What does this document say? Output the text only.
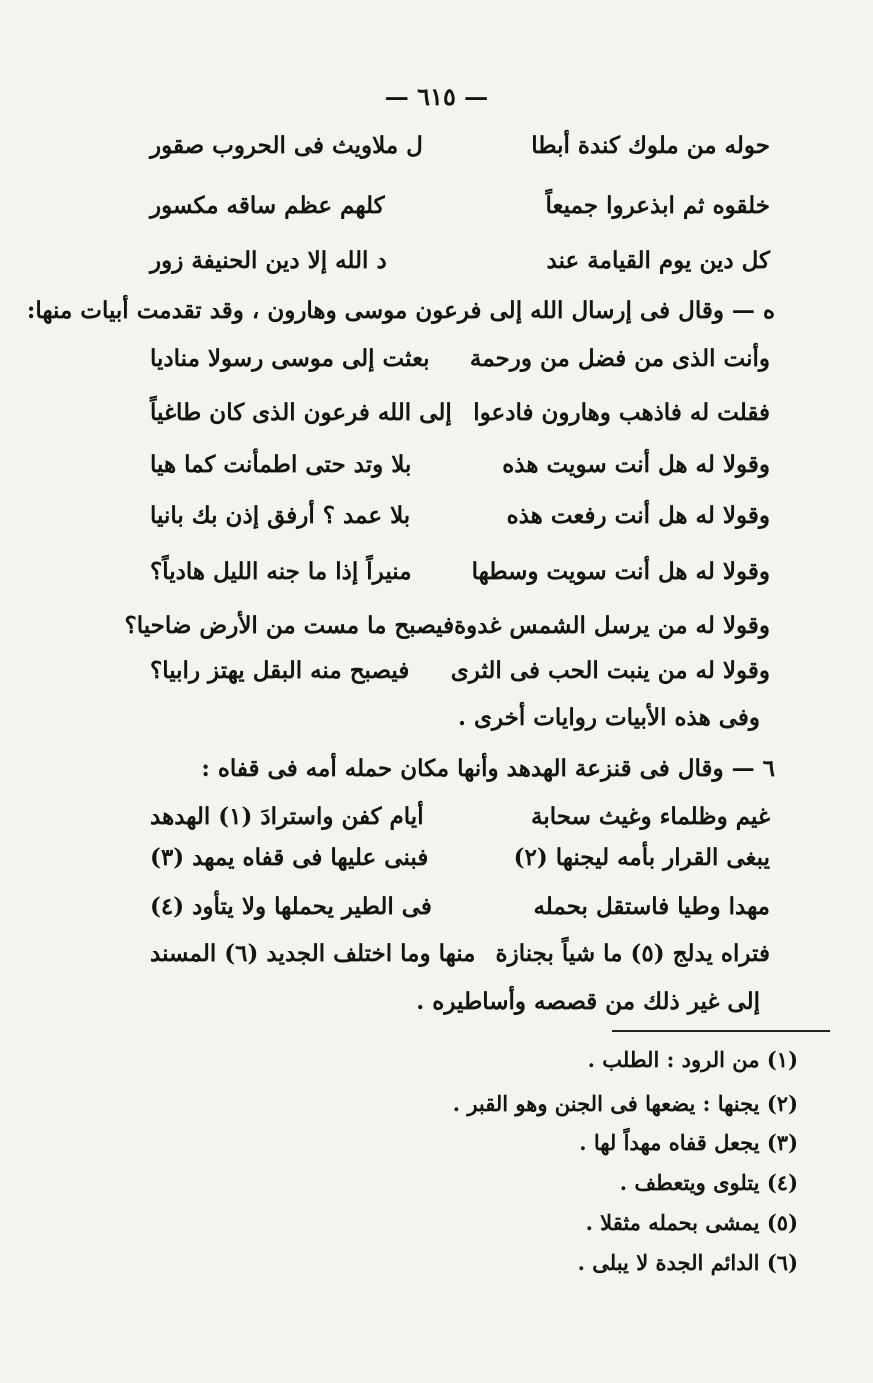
— ٦١٥ —
حوله من ملوك كندة أبطا
ل ملاويث فى الحروب صقور
خلقوه ثم ابذعروا جميعاً
كلهم عظم ساقه مكسور
كل دين يوم القيامة عند
د الله إلا دين الحنيفة زور
ه — وقال فى إرسال الله إلى فرعون موسى وهارون ، وقد تقدمت أبيات منها:
وأنت الذى من فضل من ورحمة
بعثت إلى موسى رسولا مناديا
فقلت له فاذهب وهارون فادعوا
إلى الله فرعون الذى كان طاغياً
وقولا له هل أنت سويت هذه
بلا وتد حتى اطمأنت كما هيا
وقولا له هل أنت رفعت هذه
بلا عمد ؟ أرفق إذن بك بانيا
وقولا له هل أنت سويت وسطها
منيراً إذا ما جنه الليل هادياً؟
وقولا له من يرسل الشمس غدوة
فيصبح ما مست من الأرض ضاحيا؟
وقولا له من ينبت الحب فى الثرى
فيصبح منه البقل يهتز رابيا؟
وفى هذه الأبيات روايات أخرى .
٦ — وقال فى قنزعة الهدهد وأنها مكان حمله أمه فى قفاه :
غيم وظلماء وغيث سحابة
أيام كفن واسترادَ (١) الهدهد
يبغى القرار بأمه ليجنها (٢)
فبنى عليها فى قفاه يمهد (٣)
مهدا وطيا فاستقل بحمله
فى الطير يحملها ولا يتأود (٤)
فتراه يدلج (٥) ما شياً بجنازة
منها وما اختلف الجديد (٦) المسند
إلى غير ذلك من قصصه وأساطيره .
(١) من الرود : الطلب .
(٢) يجنها : يضعها فى الجنن وهو القبر .
(٣) يجعل قفاه مهداً لها .
(٤) يتلوى ويتعطف .
(٥) يمشى بحمله مثقلا .
(٦) الدائم الجدة لا يبلى .
